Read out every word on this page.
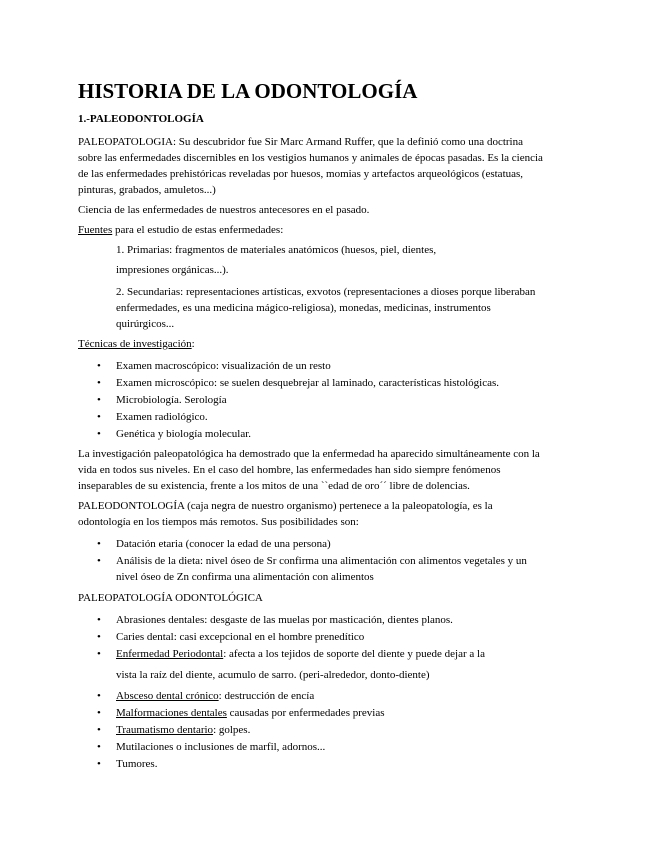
HISTORIA DE LA ODONTOLOGÍA

1.-PALEODONTOLOGÍA

PALEOPATOLOGIA: Su descubridor fue Sir Marc Armand Ruffer, que la definió como una doctrina
sobre las enfermedades discernibles en los vestigios humanos y animales de épocas pasadas. Es la ciencia
de las enfermedades prehistóricas reveladas por huesos, momias y artefactos arqueológicos (estatuas,
pinturas, grabados, amuletos...)

Ciencia de las enfermedades de nuestros antecesores en el pasado.

Fuentes para el estudio de estas enfermedades:

1. Primarias: fragmentos de materiales anatómicos (huesos, piel, dientes,
impresiones orgánicas...).

2. Secundarias: representaciones artísticas, exvotos (representaciones a dioses porque liberaban
enfermedades, es una medicina mágico-religiosa), monedas, medicinas, instrumentos
quirúrgicos...

Técnicas de investigación:

• Examen macroscópico: visualización de un resto
• Examen microscópico: se suelen desquebrejar al laminado, características histológicas.
• Microbiología. Serología
• Examen radiológico.
• Genética y biología molecular.

La investigación paleopatológica ha demostrado que la enfermedad ha aparecido simultáneamente con la
vida en todos sus niveles. En el caso del hombre, las enfermedades han sido siempre fenómenos
inseparables de su existencia, frente a los mitos de una ``edad de oro´´ libre de dolencias.

PALEODONTOLOGÍA (caja negra de nuestro organismo) pertenece a la paleopatología, es la
odontología en los tiempos más remotos. Sus posibilidades son:

• Datación etaria (conocer la edad de una persona)
• Análisis de la dieta: nivel óseo de Sr confirma una alimentación con alimentos vegetales y un
nivel óseo de Zn confirma una alimentación con alimentos

PALEOPATOLOGÍA ODONTOLÓGICA

• Abrasiones dentales: desgaste de las muelas por masticación, dientes planos.
• Caries dental: casi excepcional en el hombre prenedítico
• Enfermedad Periodontal: afecta a los tejidos de soporte del diente y puede dejar a la
vista la raíz del diente, acumulo de sarro. (peri-alrededor, donto-diente)
• Absceso dental crónico: destrucción de encía
• Malformaciones dentales causadas por enfermedades previas
• Traumatismo dentario: golpes.
• Mutilaciones o inclusiones de marfil, adornos...
• Tumores.
